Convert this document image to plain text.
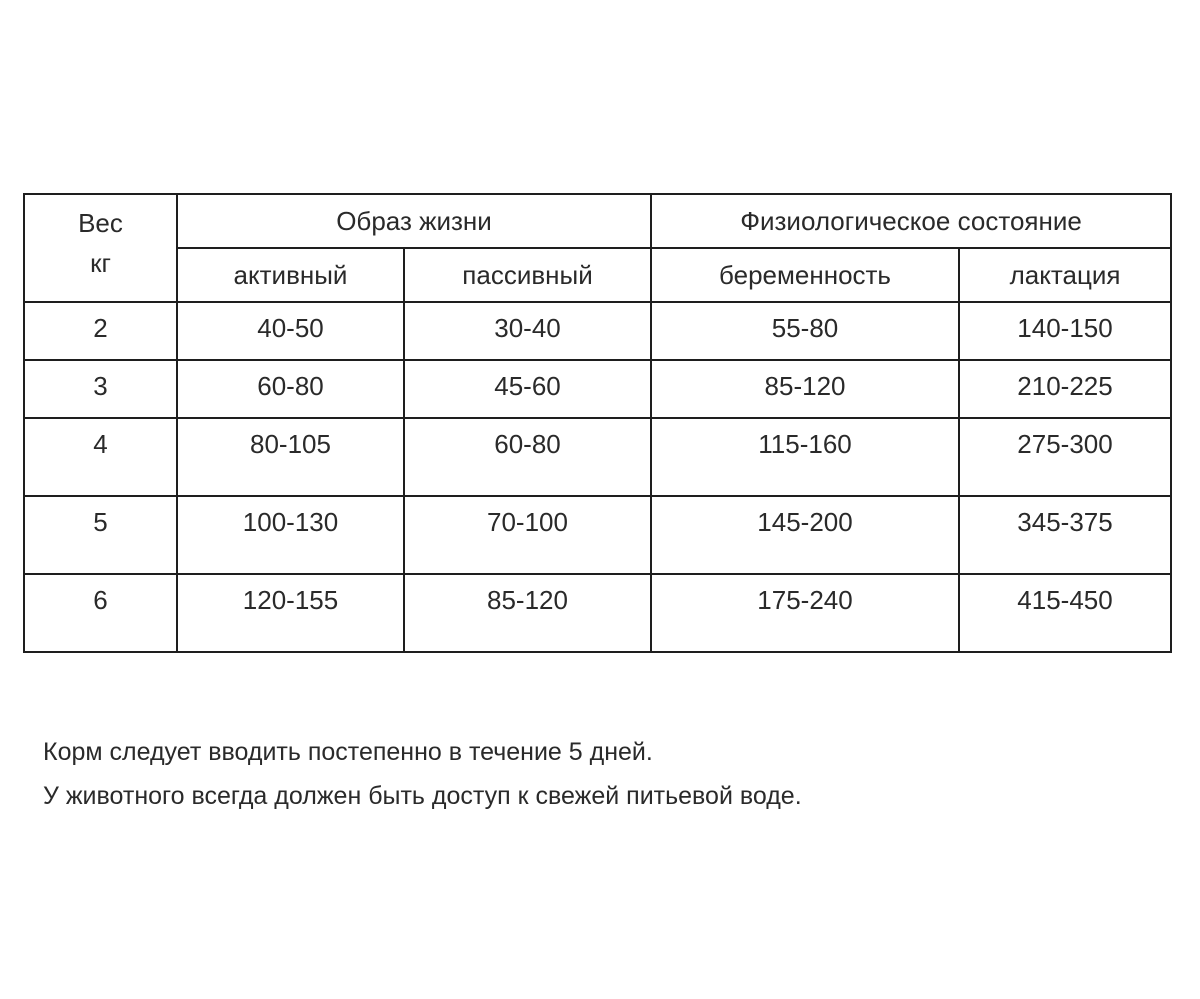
Вес
кг	Образ жизни		Физиологическое состояние	
	активный	пассивный	беременность	лактация
2	40-50	30-40	55-80	140-150
3	60-80	45-60	85-120	210-225
4	80-105	60-80	115-160	275-300
5	100-130	70-100	145-200	345-375
6	120-155	85-120	175-240	415-450

Корм следует вводить постепенно в течение 5 дней.

У животного всегда должен быть доступ к свежей питьевой воде.
